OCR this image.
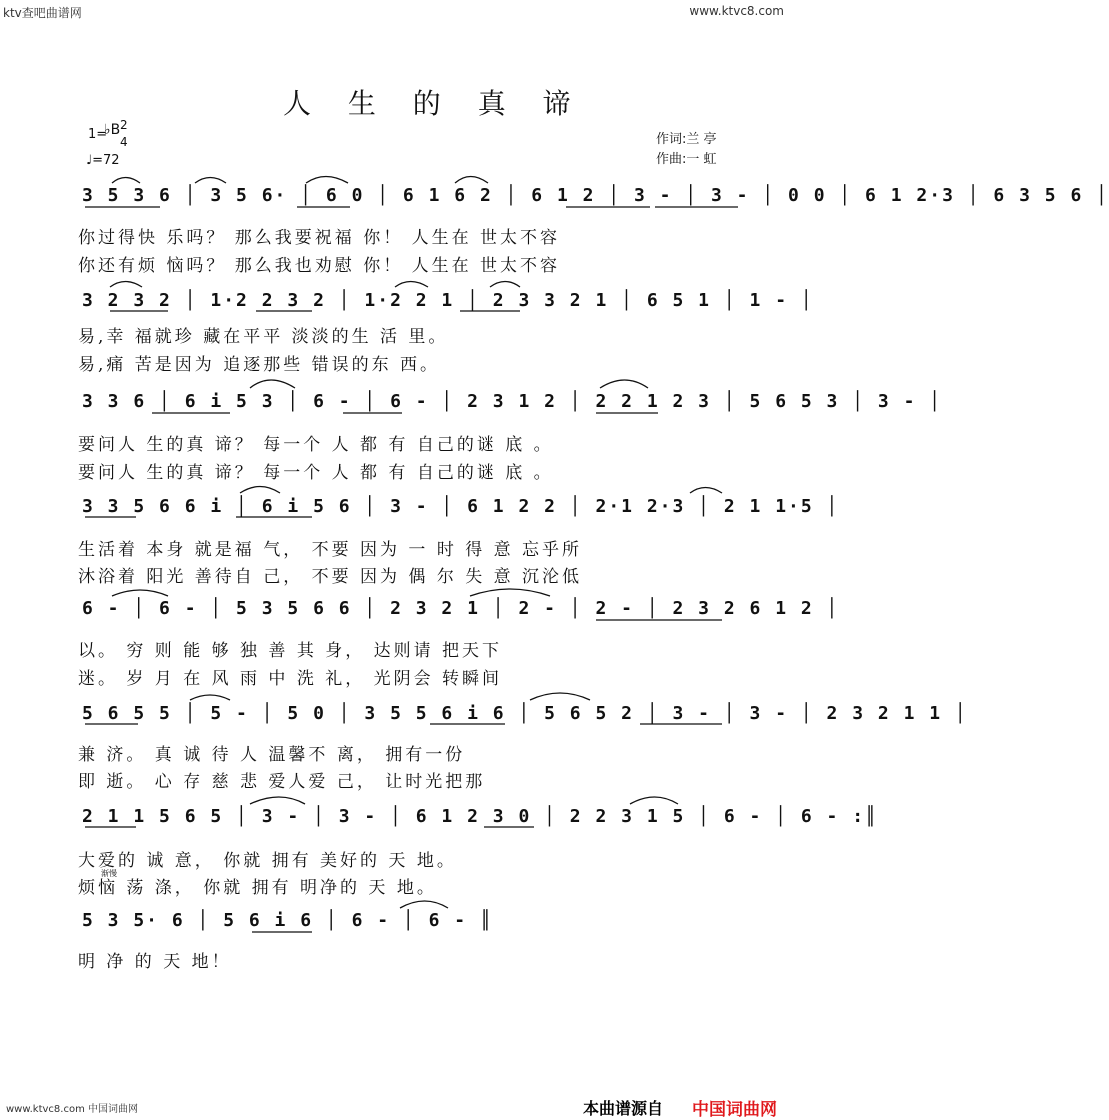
ktv查吧曲谱网	www.ktvc8.com
人 生 的 真 谛
1=
♭B 2
4
♩=72
作词:兰 亭
作曲:一 虹
3 5 3 6 │ 3 5 6· │ 6 0 │ 6 1 6 2 │ 6 1 2 │ 3 - │ 3 - │ 0 0 │ 6 1 2·3 │ 6 3 5 6 │
你过得快 乐吗？ 那么我要祝福 你！ 人生在 世太不容
你还有烦 恼吗？ 那么我也劝慰 你！ 人生在 世太不容
3 2 3 2 │ 1·2 2 3 2 │ 1·2 2 1 │ 2 3 3 2 1 │ 6 5 1 │ 1 - │
易,幸 福就珍 藏在平平 淡淡的生 活 里。
易,痛 苦是因为 追逐那些 错误的东 西。
3 3 6 │ 6 i 5 3 │ 6 - │ 6 - │ 2 3 1 2 │ 2 2 1 2 3 │ 5 6 5 3 │ 3 - │
要问人 生的真 谛？ 每一个 人 都 有 自己的谜 底 。
要问人 生的真 谛？ 每一个 人 都 有 自己的谜 底 。
3 3 5 6 6 i │ 6 i 5 6 │ 3 - │ 6 1 2 2 │ 2·1 2·3 │ 2 1 1·5 │
生活着 本身 就是福 气， 不要 因为 一 时 得 意 忘乎所
沐浴着 阳光 善待自 己， 不要 因为 偶 尔 失 意 沉沦低
6 - │ 6 - │ 5 3 5 6 6 │ 2 3 2 1 │ 2 - │ 2 - │ 2 3 2 6 1 2 │
以。 穷 则 能 够 独 善 其 身， 达则请 把天下
迷。 岁 月 在 风 雨 中 洗 礼， 光阴会 转瞬间
5 6 5 5 │ 5 - │ 5 0 │ 3 5 5 6 i 6 │ 5 6 5 2 │ 3 - │ 3 - │ 2 3 2 1 1 │
兼 济。 真 诚 待 人 温馨不 离， 拥有一份
即 逝。 心 存 慈 悲 爱人爱 己， 让时光把那
2 1 1 5 6 5 │ 3 - │ 3 - │ 6 1 2 3 0 │ 2 2 3 1 5 │ 6 - │ 6 - :║
大爱的 诚 意， 你就 拥有 美好的 天 地。
烦恼 荡 涤， 你就 拥有 明净的 天 地。
渐慢
5 3 5· 6 │ 5 6 i 6 │ 6 - │ 6 - ║
明 净 的 天 地！
www.ktvc8.com 中国词曲网	本曲谱源自 中国词曲网
